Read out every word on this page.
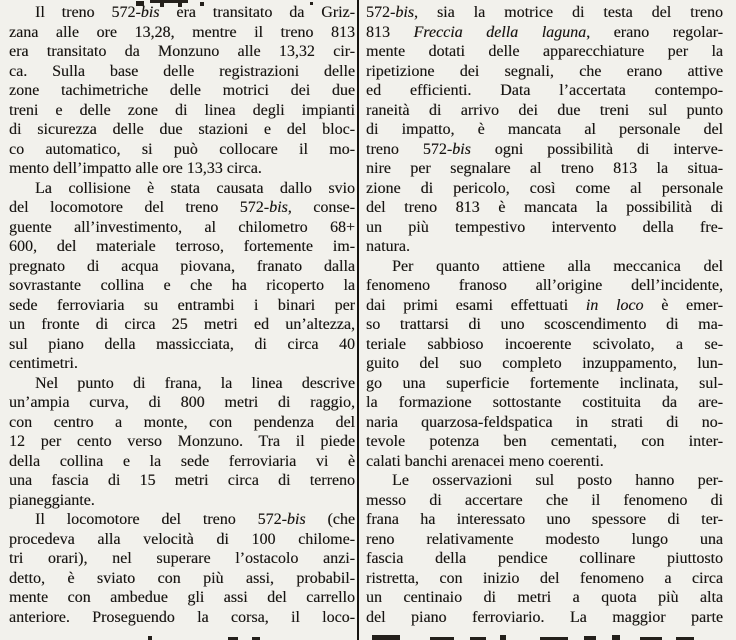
Il treno 572-bis era transitato da Griz-
zana alle ore 13,28, mentre il treno 813
era transitato da Monzuno alle 13,32 cir-
ca. Sulla base delle registrazioni delle
zone tachimetriche delle motrici dei due
treni e delle zone di linea degli impianti
di sicurezza delle due stazioni e del bloc-
co automatico, si può collocare il mo-
mento dell’impatto alle ore 13,33 circa.
La collisione è stata causata dallo svio
del locomotore del treno 572-bis, conse-
guente all’investimento, al chilometro 68+
600, del materiale terroso, fortemente im-
pregnato di acqua piovana, franato dalla
sovrastante collina e che ha ricoperto la
sede ferroviaria su entrambi i binari per
un fronte di circa 25 metri ed un’altezza,
sul piano della massicciata, di circa 40
centimetri.
Nel punto di frana, la linea descrive
un’ampia curva, di 800 metri di raggio,
con centro a monte, con pendenza del
12 per cento verso Monzuno. Tra il piede
della collina e la sede ferroviaria vi è
una fascia di 15 metri circa di terreno
pianeggiante.
Il locomotore del treno 572-bis (che
procedeva alla velocità di 100 chilome-
tri orari), nel superare l’ostacolo anzi-
detto, è sviato con più assi, probabil-
mente con ambedue gli assi del carrello
anteriore. Proseguendo la corsa, il loco-
572-bis, sia la motrice di testa del treno
813 Freccia della laguna, erano regolar-
mente dotati delle apparecchiature per la
ripetizione dei segnali, che erano attive
ed efficienti. Data l’accertata contempo-
raneità di arrivo dei due treni sul punto
di impatto, è mancata al personale del
treno 572-bis ogni possibilità di interve-
nire per segnalare al treno 813 la situa-
zione di pericolo, così come al personale
del treno 813 è mancata la possibilità di
un più tempestivo intervento della fre-
natura.
Per quanto attiene alla meccanica del
fenomeno franoso all’origine dell’incidente,
dai primi esami effettuati in loco è emer-
so trattarsi di uno scoscendimento di ma-
teriale sabbioso incoerente scivolato, a se-
guito del suo completo inzuppamento, lun-
go una superficie fortemente inclinata, sul-
la formazione sottostante costituita da are-
naria quarzosa-feldspatica in strati di no-
tevole potenza ben cementati, con inter-
calati banchi arenacei meno coerenti.
Le osservazioni sul posto hanno per-
messo di accertare che il fenomeno di
frana ha interessato uno spessore di ter-
reno relativamente modesto lungo una
fascia della pendice collinare piuttosto
ristretta, con inizio del fenomeno a circa
un centinaio di metri a quota più alta
del piano ferroviario. La maggior parte
